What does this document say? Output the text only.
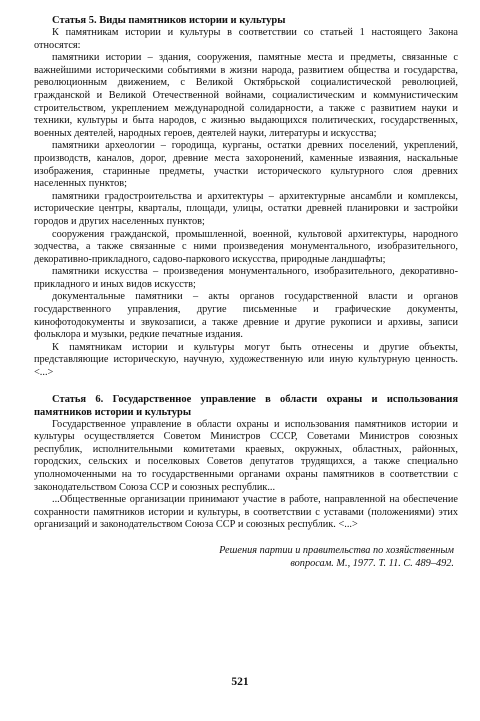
Статья 5. Виды памятников истории и культуры

К памятникам истории и культуры в соответствии со статьей 1 настоящего Закона относятся:

памятники истории – здания, сооружения, памятные места и предметы, связанные с важнейшими историческими событиями в жизни народа, развитием общества и государства, революционным движением, с Великой Октябрьской социалистической революцией, гражданской и Великой Отечественной войнами, социалистическим и коммунистическим строительством, укреплением международной солидарности, а также с развитием науки и техники, культуры и быта народов, с жизнью выдающихся политических, государственных, военных деятелей, народных героев, деятелей науки, литературы и искусства;

памятники археологии – городища, курганы, остатки древних поселений, укреплений, производств, каналов, дорог, древние места захоронений, каменные изваяния, наскальные изображения, старинные предметы, участки исторического культурного слоя древних населенных пунктов;

памятники градостроительства и архитектуры – архитектурные ансамбли и комплексы, исторические центры, кварталы, площади, улицы, остатки древней планировки и застройки городов и других населенных пунктов;

сооружения гражданской, промышленной, военной, культовой архитектуры, народного зодчества, а также связанные с ними произведения монументального, изобразительного, декоративно-прикладного, садово-паркового искусства, природные ландшафты;

памятники искусства – произведения монументального, изобразительного, декоративно-прикладного и иных видов искусств;

документальные памятники – акты органов государственной власти и органов государственного управления, другие письменные и графические документы, кинофотодокументы и звукозаписи, а также древние и другие рукописи и архивы, записи фольклора и музыки, редкие печатные издания.

К памятникам истории и культуры могут быть отнесены и другие объекты, представляющие историческую, научную, художественную или иную культурную ценность. <...>

Статья 6. Государственное управление в области охраны и использования памятников истории и культуры

Государственное управление в области охраны и использования памятников истории и культуры осуществляется Советом Министров СССР, Советами Министров союзных республик, исполнительными комитетами краевых, окружных, областных, районных, городских, сельских и поселковых Советов депутатов трудящихся, а также специально уполномоченными на то государственными органами охраны памятников в соответствии с законодательством Союза ССР и союзных республик...

...Общественные организации принимают участие в работе, направленной на обеспечение сохранности памятников истории и культуры, в соответствии с уставами (положениями) этих организаций и законодательством Союза ССР и союзных республик. <...>

Решения партии и правительства по хозяйственным
вопросам. М., 1977. Т. 11. С. 489–492.
521
